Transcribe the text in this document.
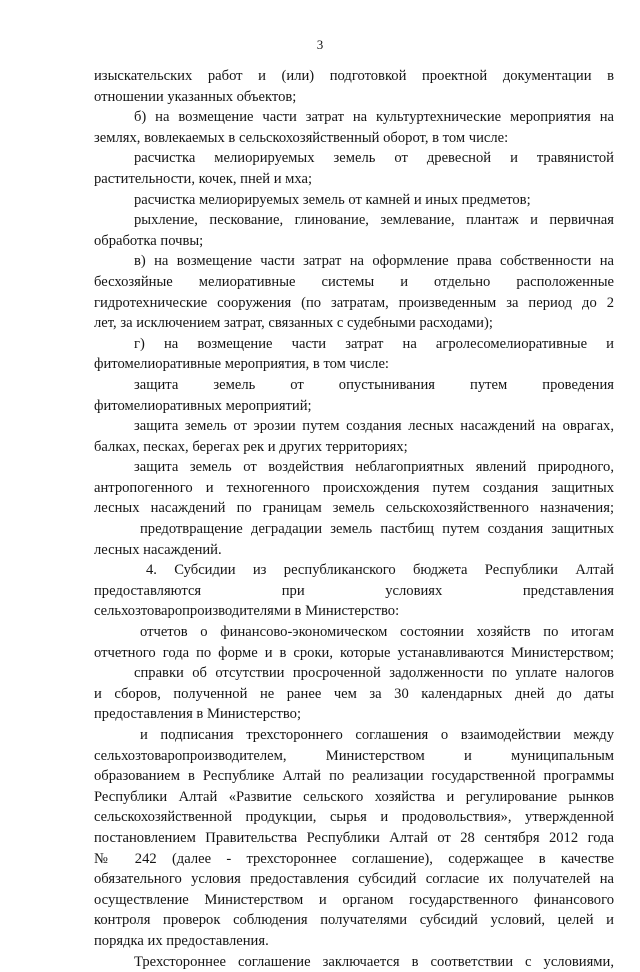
3
изыскательских работ и (или) подготовкой проектной документации в
отношении указанных объектов;
б) на возмещение части затрат на культуртехнические мероприятия на
землях, вовлекаемых в сельскохозяйственный оборот, в том числе:
расчистка мелиорируемых земель от древесной и травянистой
растительности, кочек, пней и мха;
расчистка мелиорируемых земель от камней и иных предметов;
рыхление, пескование, глинование, землевание, плантаж и первичная
обработка почвы;
в) на возмещение части затрат на оформление права собственности на
бесхозяйные мелиоративные системы и отдельно расположенные
гидротехнические сооружения (по затратам, произведенным за период до 2
лет, за исключением затрат, связанных с судебными расходами);
г) на возмещение части затрат на агролесомелиоративные и
фитомелиоративные мероприятия, в том числе:
защита земель от опустынивания путем проведения
фитомелиоративных мероприятий;
защита земель от эрозии путем создания лесных насаждений на оврагах,
балках, песках, берегах рек и других территориях;
защита земель от воздействия неблагоприятных явлений природного,
антропогенного и техногенного происхождения путем создания защитных
лесных насаждений по границам земель сельскохозяйственного назначения;
предотвращение деградации земель пастбищ путем создания защитных
лесных насаждений.
4. Субсидии из республиканского бюджета Республики Алтай
предоставляются при условиях представления
сельхозтоваропроизводителями в Министерство:
отчетов о финансово-экономическом состоянии хозяйств по итогам
отчетного года по форме и в сроки, которые устанавливаются Министерством;
справки об отсутствии просроченной задолженности по уплате налогов
и сборов, полученной не ранее чем за 30 календарных дней до даты
предоставления в Министерство;
и подписания трехстороннего соглашения о взаимодействии между
сельхозтоваропроизводителем, Министерством и муниципальным
образованием в Республике Алтай по реализации государственной программы
Республики Алтай «Развитие сельского хозяйства и регулирование рынков
сельскохозяйственной продукции, сырья и продовольствия», утвержденной
постановлением Правительства Республики Алтай от 28 сентября 2012 года
№ 242 (далее - трехстороннее соглашение), содержащее в качестве
обязательного условия предоставления субсидий согласие их получателей на
осуществление Министерством и органом государственного финансового
контроля проверок соблюдения получателями субсидий условий, целей и
порядка их предоставления.
Трехстороннее соглашение заключается в соответствии с условиями,
